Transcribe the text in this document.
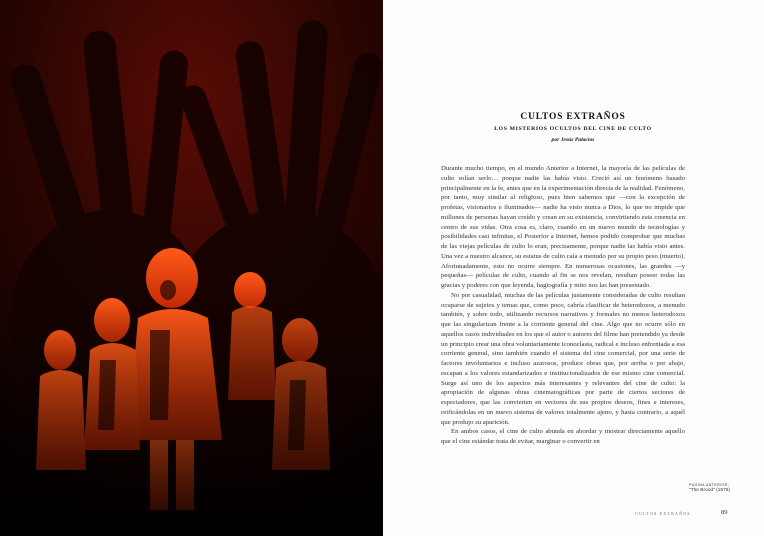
CULTOS EXTRAÑOS
LOS MISTERIOS OCULTOS DEL CINE DE CULTO
por Jesús Palacios

Durante mucho tiempo, en el mundo Anterior a Internet, la mayoría de las películas de culto solían serlo… porque nadie las había visto. Creció así un fenómeno basado principalmente en la fe, antes que en la experimentación directa de la realidad. Fenómeno, por tanto, muy similar al religioso, pues bien sabemos que —con la excepción de profetas, visionarios e iluminados— nadie ha visto nunca a Dios, lo que no impide que millones de personas hayan creído y crean en su existencia, convirtiendo esta creencia en centro de sus vidas. Otra cosa es, claro, cuando en un nuevo mundo de tecnologías y posibilidades casi infinitas, el Posterior a Internet, hemos podido comprobar que muchas de las viejas películas de culto lo eran, precisamente, porque nadie las había visto antes. Una vez a nuestro alcance, su estatus de culto caía a menudo por su propio peso (muerto). Afortunadamente, esto no ocurre siempre. En numerosas ocasiones, las grandes —y pequeñas— películas de culto, cuando al fin se nos revelan, resultan poseer todas las gracias y poderes con que leyenda, hagiografía y mito nos las han presentado.

No por casualidad, muchas de las películas justamente consideradas de culto resultan ocuparse de sujetos y temas que, como poco, cabría clasificar de heterodoxos, a menudo también, y sobre todo, utilizando recursos narrativos y formales no menos heterodoxos que las singularizan frente a la corriente general del cine. Algo que no ocurre sólo en aquellos casos individuales en los que el autor o autores del filme han pretendido ya desde un principio crear una obra voluntariamente iconoclasta, radical e incluso enfrentada a esa corriente general, sino también cuando el sistema del cine comercial, por una serie de factores involuntarios e incluso azarosos, produce obras que, por arriba o por abajo, escapan a los valores estandarizados e institucionalizados de ese mismo cine comercial. Surge así uno de los aspectos más interesantes y relevantes del cine de culto: la apropiación de algunas obras cinematográficas por parte de ciertos sectores de espectadores, que las convierten en vectores de sus propios deseos, fines e intereses, reificándolas en un nuevo sistema de valores totalmente ajeno, y hasta contrario, a aquél que produjo su aparición.

En ambos casos, el cine de culto abunda en abordar y mostrar directamente aquello que el cine estándar trata de evitar, marginar o convertir en

PÁGINA ANTERIOR:
"The Brood" (1979)
CULTOS EXTRAÑOS	89
